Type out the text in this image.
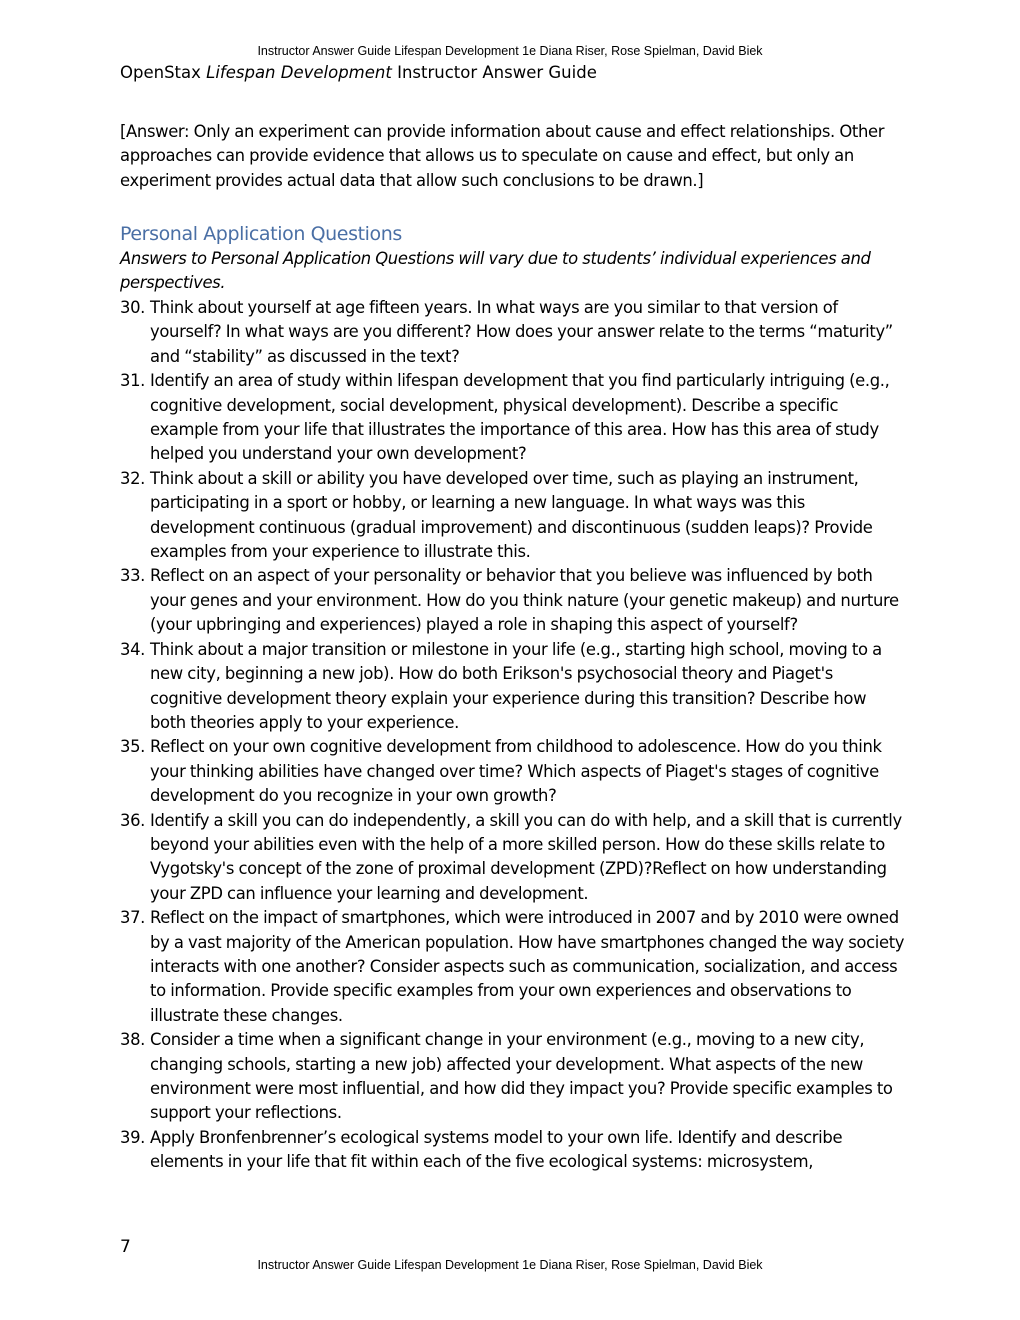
Instructor Answer Guide Lifespan Development 1e Diana Riser, Rose Spielman, David Biek
OpenStax Lifespan Development Instructor Answer Guide
[Answer: Only an experiment can provide information about cause and effect relationships. Other approaches can provide evidence that allows us to speculate on cause and effect, but only an experiment provides actual data that allow such conclusions to be drawn.]
Personal Application Questions
Answers to Personal Application Questions will vary due to students’ individual experiences and perspectives.
30. Think about yourself at age fifteen years. In what ways are you similar to that version of yourself? In what ways are you different? How does your answer relate to the terms “maturity” and “stability” as discussed in the text?
31. Identify an area of study within lifespan development that you find particularly intriguing (e.g., cognitive development, social development, physical development). Describe a specific example from your life that illustrates the importance of this area. How has this area of study helped you understand your own development?
32. Think about a skill or ability you have developed over time, such as playing an instrument, participating in a sport or hobby, or learning a new language. In what ways was this development continuous (gradual improvement) and discontinuous (sudden leaps)? Provide examples from your experience to illustrate this.
33. Reflect on an aspect of your personality or behavior that you believe was influenced by both your genes and your environment. How do you think nature (your genetic makeup) and nurture (your upbringing and experiences) played a role in shaping this aspect of yourself?
34. Think about a major transition or milestone in your life (e.g., starting high school, moving to a new city, beginning a new job). How do both Erikson's psychosocial theory and Piaget's cognitive development theory explain your experience during this transition? Describe how both theories apply to your experience.
35. Reflect on your own cognitive development from childhood to adolescence. How do you think your thinking abilities have changed over time? Which aspects of Piaget's stages of cognitive development do you recognize in your own growth?
36. Identify a skill you can do independently, a skill you can do with help, and a skill that is currently beyond your abilities even with the help of a more skilled person. How do these skills relate to Vygotsky's concept of the zone of proximal development (ZPD)?Reflect on how understanding your ZPD can influence your learning and development.
37. Reflect on the impact of smartphones, which were introduced in 2007 and by 2010 were owned by a vast majority of the American population. How have smartphones changed the way society interacts with one another? Consider aspects such as communication, socialization, and access to information. Provide specific examples from your own experiences and observations to illustrate these changes.
38. Consider a time when a significant change in your environment (e.g., moving to a new city, changing schools, starting a new job) affected your development. What aspects of the new environment were most influential, and how did they impact you? Provide specific examples to support your reflections.
39. Apply Bronfenbrenner’s ecological systems model to your own life. Identify and describe elements in your life that fit within each of the five ecological systems: microsystem,
7
Instructor Answer Guide Lifespan Development 1e Diana Riser, Rose Spielman, David Biek
